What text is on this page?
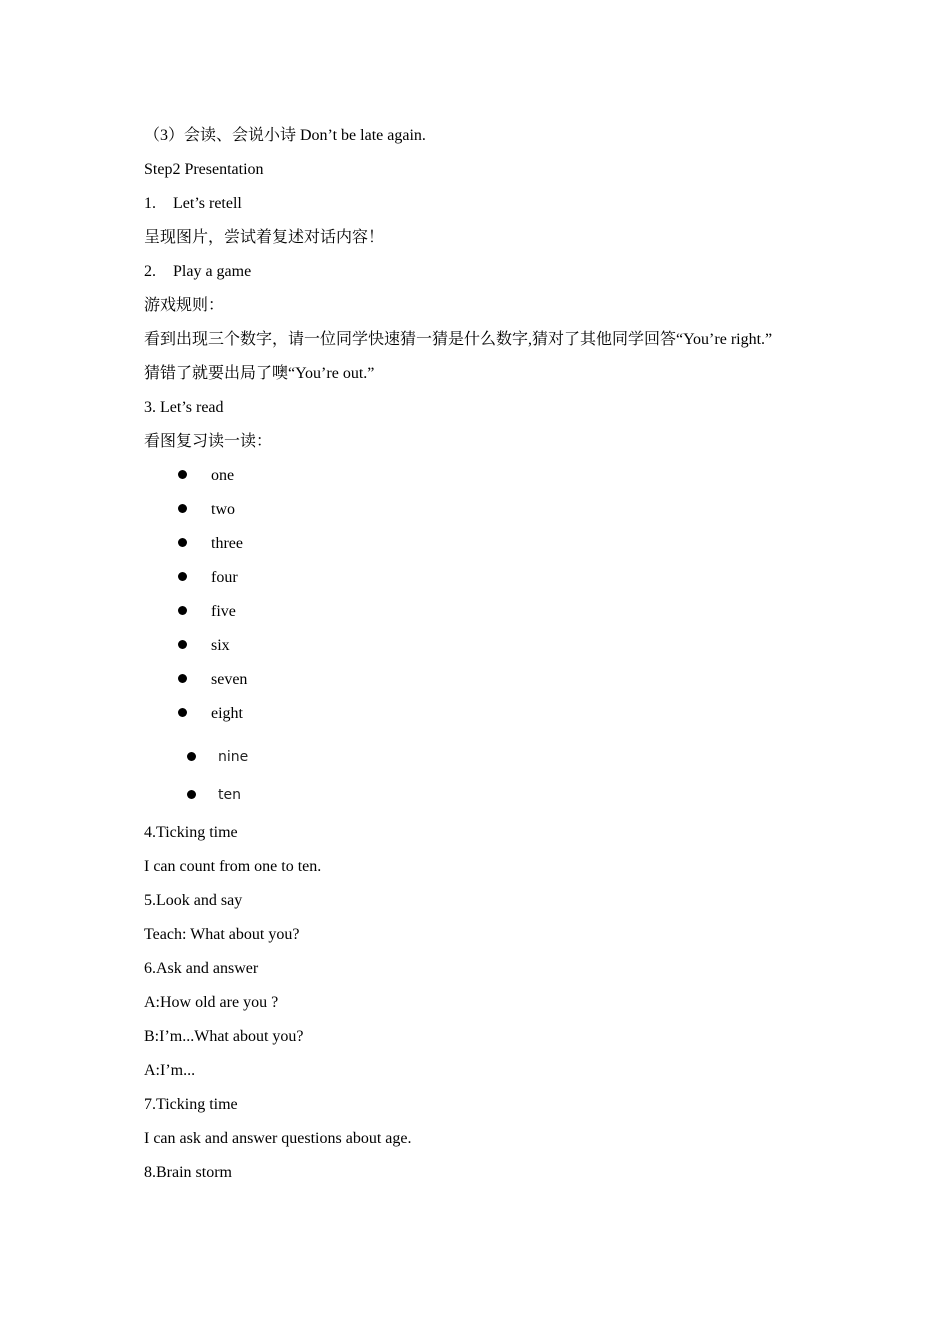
（3）会读、会说小诗 Don’t be late again.
Step2 Presentation
1. Let’s retell
呈现图片，尝试着复述对话内容！
2. Play a game
游戏规则：
看到出现三个数字，请一位同学快速猜一猜是什么数字,猜对了其他同学回答“You’re right.”
猜错了就要出局了噢“You’re out.”
3. Let’s read
看图复习读一读：
one
two
three
four
five
six
seven
eight
nine
ten
4.Ticking time
I can count from one to ten.
5.Look and say
Teach: What about you?
6.Ask and answer
A:How old are you ?
B:I’m...What about you?
A:I’m...
7.Ticking time
I can ask and answer questions about age.
8.Brain storm
